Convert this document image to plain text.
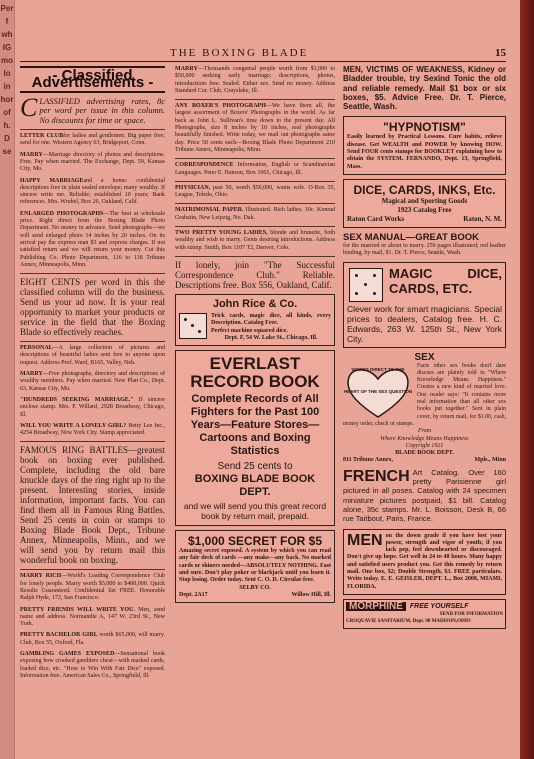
Per
f
wh
IG
mo
lo
in
hor
of
h.
D
se
THE BOXING BLADE	15
- Classified Advertisements -
C LASSIFIED advertising rates, 8c per word per issue in this column. No discounts for time or space.
LETTER CLUBfor ladies and gentlemen. Big paper free; send for one. Western Agency 63, Bridgeport, Conn.
MARRY—Marriage directory of photos and descriptions. Free. Pay when married. The Exchange, Dept. 59, Kansas City, Mo.
HAPPY MARRIAGEand a home: confidential descriptions free in plain sealed envelope; many wealthy. If sincere write me. Reliable; established 10 years; Bank references. Mrs. Wrubel, Box 26, Oakland, Calif.
ENLARGED PHOTOGRAPHS—The best at wholesale price. Right direct from the Boxing Blade Photo Department. No money in advance. Send photographs—we will send enlarged photo 14 inches by 20 inches. On its arrival pay the express man $3 and express charges. If not satisfied return and we will return your money. Cut this Publishing Co. Photo Department, 116 to 118 Tribune Annex, Minneapolis, Minn.
EIGHT CENTS per word in this the classified column will do the business. Send us your ad now. It is your real opportunity to market your products or service in the field that the Boxing Blade so effectively reaches.
PERSONAL—A large collection of pictures and descriptions of beautiful ladies sent free to anyone upon request. Address Prof. Ward, B165, Valley, Neb.
MARRY—Free photographs, directory and descriptions of wealthy members. Pay when married. New Plan Co., Dept. 63, Kansas City, Mo.
"HUNDREDS SEEKING MARRIAGE." If sincere enclose stamp. Mrs. F. Willard, 2928 Broadway, Chicago, Ill.
WILL YOU WRITE A LONELY GIRL? Betty Lee Inc., 4254 Broadway, New York City. Stamp appreciated.
FAMOUS RING BATTLES—greatest book on boxing ever published. Complete, including the old bare knuckle days of the ring right up to the present. Interesting stories, inside information, important facts. You can find them all in Famous Ring Battles. Send 25 cents in coin or stamps to Boxing Blade Book Dept., Tribune Annex, Minneapolis, Minn., and we will send you by return mail this wonderful book on boxing.
MARRY RICH—World's Leading Correspondence Club for lonely people. Marry worth $5,000 to $400,000. Quick Results Guaranteed. Confidential list FREE. Honorable Ralph Hyde, 172, San Francisco.
PRETTY FRIENDS WILL WRITE YOU. Men, send name and address. Normandie A, 147 W. 23rd St., New York.
PRETTY BACHELOR GIRL worth $65,000, will marry. Club, Box 55, Oxford, Fla.
GAMBLING GAMES EXPOSED—Sensational book exposing how crooked gamblers cheat—with marked cards, loaded dice, etc. "How to Win With Fair Dice" exposed. Information free. American Sales Co., Springfield, Ill.
MARRY—Thousands congenial people worth from $1,000 to $50,000 seeking early marriage; descriptions, photos, introductions free. Sealed. Either sex. Send no money. Address Standard Cor. Club, Grayslake, Ill.
ANY BOXER'S PHOTOGRAPH—We have them all, the largest assortment of Boxers' Photographs in the world. As far back as John L. Sullivan's time down to the present day. All Photographs, size 8 inches by 10 inches, real photographs beautifully finished. Write today, we mail out photographs same day. Price 50 cents each—Boxing Blade Photo Department 210 Tribune Annex, Minneapolis, Minn.
CORRESPONDENCE Information, English or Scandinavian Languages. Peter E. Hanson, Box 1065, Chicago, Ill.
PHYSICIAN, past 50, worth $50,000, wants wife. O-Box 35, League, Toledo, Ohio.
MATRIMONIAL PAPER. Illustrated. Rich ladies. 10c. Konrad Grabatin, New Leipzig, No. Dak.
TWO PRETTY YOUNG LADIES, blonde and brunette, both wealthy and wish to marry. Gents desiring introductions. Address with stamp. Smith, Box 1107 T2, Denver, Colo.
If lonely, join "The Successful Correspondence Club." Reliable. Descriptions free. Box 556, Oakland, Calif.
John Rice & Co.
Trick cards, magic dice, all kinds, every Description. Catalog Free.
Perfect machine squared dice.
Dept. F, 54 W. Lake St., Chicago, Ill.
EVERLAST
RECORD BOOK
Complete Records of All Fighters for the Past 100 Years—Feature Stores—Cartoons and Boxing Statistics
Send 25 cents to
BOXING BLADE BOOK DEPT.
and we will send you this great record book by return mail, prepaid.
$1,000 SECRET FOR $5
Amazing secret exposed. A system by which you can read any fair deck of cards —any make—any back. No marked cards or shiners needed—ABSOLUTELY NOTHING. Fast and sure. Don't play poker or blackjack until you learn it. Stop losing. Order today. Sent C. O. D. Circular free.
SELBY CO.
Dept. 2A17	Willow Hill, Ill.
MEN, VICTIMS OF WEAKNESS, Kidney or Bladder trouble, try Sexind Tonic the old and reliable remedy. Mail $1 box or six boxes, $5. Advice Free. Dr. T. Pierce, Seattle, Wash.
"HYPNOTISM"
Easily learned by Practical Lessons. Cure habits, relieve disease. Get WEALTH and POWER by knowing HOW. Send FOUR cents stamps for BOOKLET explaining how to obtain the SYSTEM. FERNANDO, Dept. 13, Springfield, Mass.
DICE, CARDS, INKS, Etc.
Magical and Sporting Goods
1923 Catalog Free
Raton Card Works	Raton, N. M.
SEX MANUAL—GREAT BOOK
for the married or about to marry. 250 pages illustrated; red leather binding, by mail, $1. Dr. T. Pierce, Seattle, Wash.
MAGIC DICE, CARDS, ETC.
Clever work for smart magicians. Special prices to dealers, Catalog free. H. C. Edwards, 263 W. 125th St., New York City.
SEX
WORDS DIRECT TO THE
HEART OF THE SEX QUESTION
Facts other sex books don't dare discuss are plainly told in "Where Knowledge Means Happiness." Creates a new kind of married love. One reader says: "It contains more real information than all other sex books put together." Sent in plain cover, by return mail, for $1.00, cash, money order, check or stamps.
From
Where Knowledge Means Happiness
Copyright 1921
BLADE BOOK DEPT.
811 Tribune Annex,	Mpls., Minn
FRENCH Art Catalog. Over 160 pretty Parisienne girl pictured in all poses. Catalog with 24 specimen miniature pictures postpaid, $1 bill. Catalog alone, 35c stamps. Mr. L. Boisson, Desk B, 66 rue Taitbout, Paris, France.
MEN on the down grade if you have lost your power, strength and vigor of youth; if you lack pep, feel downhearted or discouraged. Don't give up hope. Get well in 24 to 48 hours. Many happy and satisfied users product you. Get this remedy by return mail. One box, $2; Double Strength, $3. FREE particulars. Write today. E. E. GEISLER, DEPT. L., Box 2008, MIAMI, FLORIDA.
MORPHINE	FREE YOURSELF
SEND FOR INFORMATION
CROQUAVIE SANITARIUM, Dept. 90 MADISON,OHIO
